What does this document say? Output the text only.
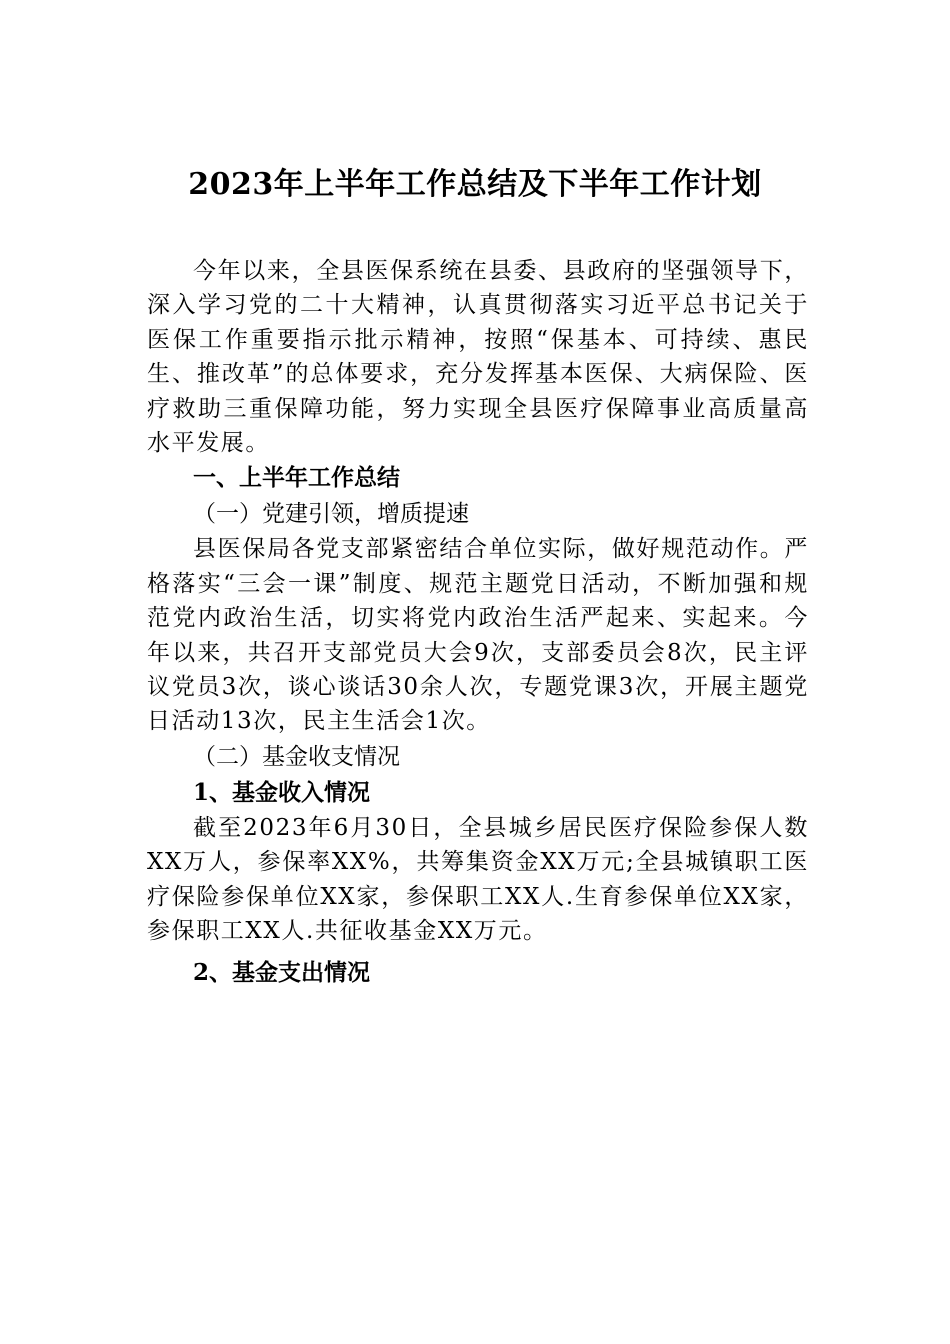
2023年上半年工作总结及下半年工作计划

今年以来，全县医保系统在县委、县政府的坚强领导下，深入学习党的二十大精神，认真贯彻落实习近平总书记关于医保工作重要指示批示精神，按照“保基本、可持续、惠民生、推改革”的总体要求，充分发挥基本医保、大病保险、医疗救助三重保障功能，努力实现全县医疗保障事业高质量高水平发展。

一、上半年工作总结

（一）党建引领，增质提速

县医保局各党支部紧密结合单位实际，做好规范动作。严格落实“三会一课”制度、规范主题党日活动，不断加强和规范党内政治生活，切实将党内政治生活严起来、实起来。今年以来，共召开支部党员大会9次，支部委员会8次，民主评议党员3次，谈心谈话30余人次，专题党课3次，开展主题党日活动13次，民主生活会1次。

（二）基金收支情况

1、基金收入情况

截至2023年6月30日，全县城乡居民医疗保险参保人数XX万人，参保率XX%，共筹集资金XX万元;全县城镇职工医疗保险参保单位XX家，参保职工XX人.生育参保单位XX家，参保职工XX人.共征收基金XX万元。

2、基金支出情况
